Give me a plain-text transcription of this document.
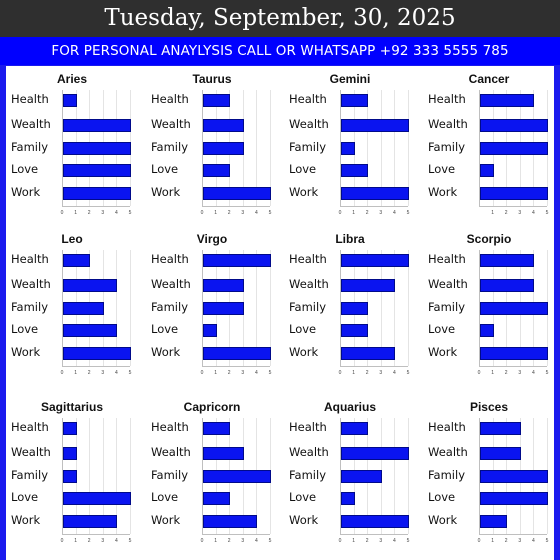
Tuesday, September, 30, 2025
FOR PERSONAL ANAYLYSIS CALL OR WHATSAPP +92 333 5555 785
Aries
Health
Wealth
Family
Love
Work
0 1 2 3 4 5
Taurus
Health
Wealth
Family
Love
Work
0 1 2 3 4 5
Gemini
Health
Wealth
Family
Love
Work
0 1 2 3 4 5
Cancer
Health
Wealth
Family
Love
Work
1 2 3 4 5
Leo
Health
Wealth
Family
Love
Work
0 1 2 3 4 5
Virgo
Health
Wealth
Family
Love
Work
0 1 2 3 4 5
Libra
Health
Wealth
Family
Love
Work
0 1 2 3 4 5
Scorpio
Health
Wealth
Family
Love
Work
0 1 2 3 4 5
Sagittarius
Health
Wealth
Family
Love
Work
0 1 2 3 4 5
Capricorn
Health
Wealth
Family
Love
Work
0 1 2 3 4 5
Aquarius
Health
Wealth
Family
Love
Work
0 1 2 3 4 5
Pisces
Health
Wealth
Family
Love
Work
0 1 2 3 4 5
